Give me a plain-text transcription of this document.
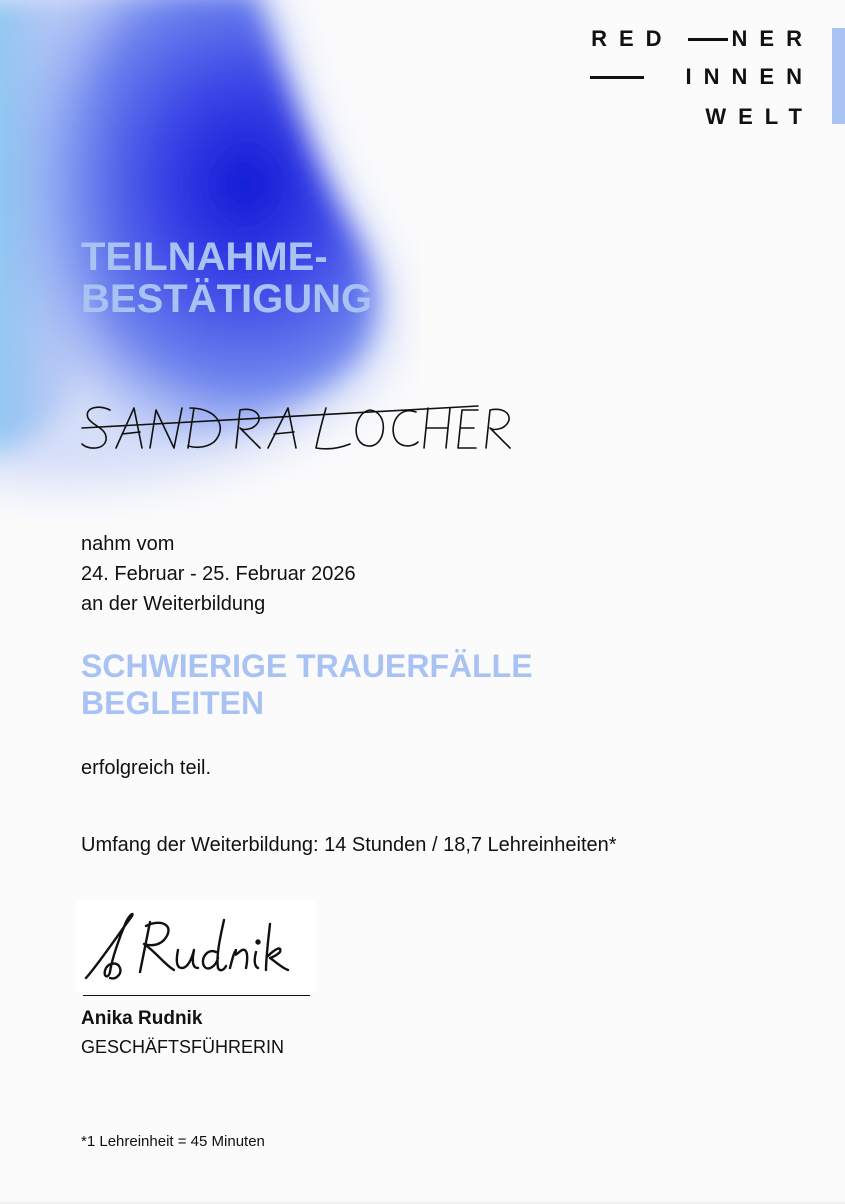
RED	NER
INNEN
WELT
TEILNAHME-
BESTÄTIGUNG

nahm vom
24. Februar - 25. Februar 2026
an der Weiterbildung

SCHWIERIGE TRAUERFÄLLE
BEGLEITEN

erfolgreich teil.

Umfang der Weiterbildung: 14 Stunden / 18,7 Lehreinheiten*

Anika Rudnik

GESCHÄFTSFÜHRERIN

*1 Lehreinheit = 45 Minuten
